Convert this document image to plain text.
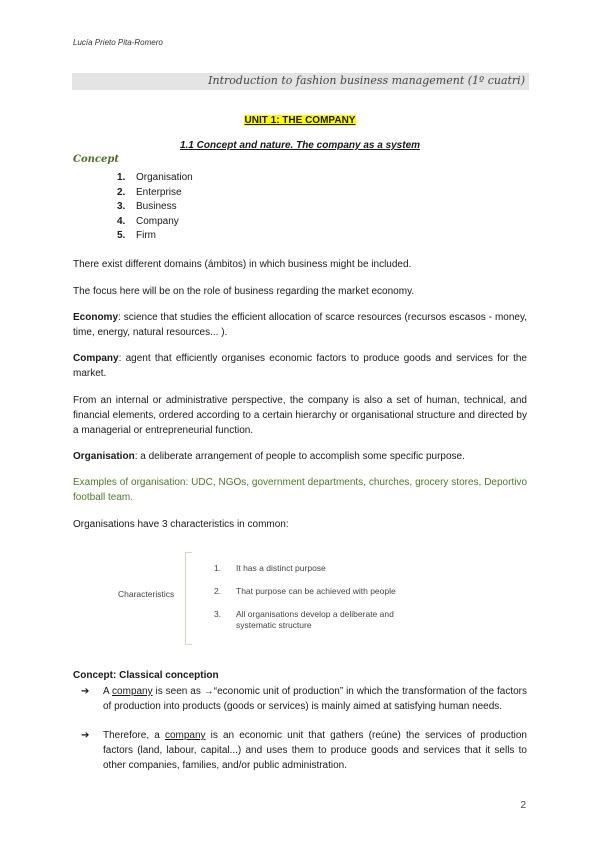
Lucía Prieto Pita-Romero
Introduction to fashion business management (1º cuatri)
UNIT 1: THE COMPANY
1.1 Concept and nature. The company as a system
Concept
1. Organisation
2. Enterprise
3. Business
4. Company
5. Firm
There exist different domains (ámbitos) in which business might be included.
The focus here will be on the role of business regarding the market economy.
Economy: science that studies the efficient allocation of scarce resources (recursos escasos - money, time, energy, natural resources... ).
Company: agent that efficiently organises economic factors to produce goods and services for the market.
From an internal or administrative perspective, the company is also a set of human, technical, and financial elements, ordered according to a certain hierarchy or organisational structure and directed by a managerial or entrepreneurial function.
Organisation: a deliberate arrangement of people to accomplish some specific purpose.
Examples of organisation: UDC, NGOs, government departments, churches, grocery stores, Deportivo football team.
Organisations have 3 characteristics in common:
Characteristics
1.	It has a distinct purpose
2.	That purpose can be achieved with people
3.	All organisations develop a deliberate and systematic structure
Concept: Classical conception
➔	A company is seen as →“economic unit of production” in which the transformation of the factors of production into products (goods or services) is mainly aimed at satisfying human needs.
➔	Therefore, a company is an economic unit that gathers (reúne) the services of production factors (land, labour, capital...) and uses them to produce goods and services that it sells to other companies, families, and/or public administration.
2
